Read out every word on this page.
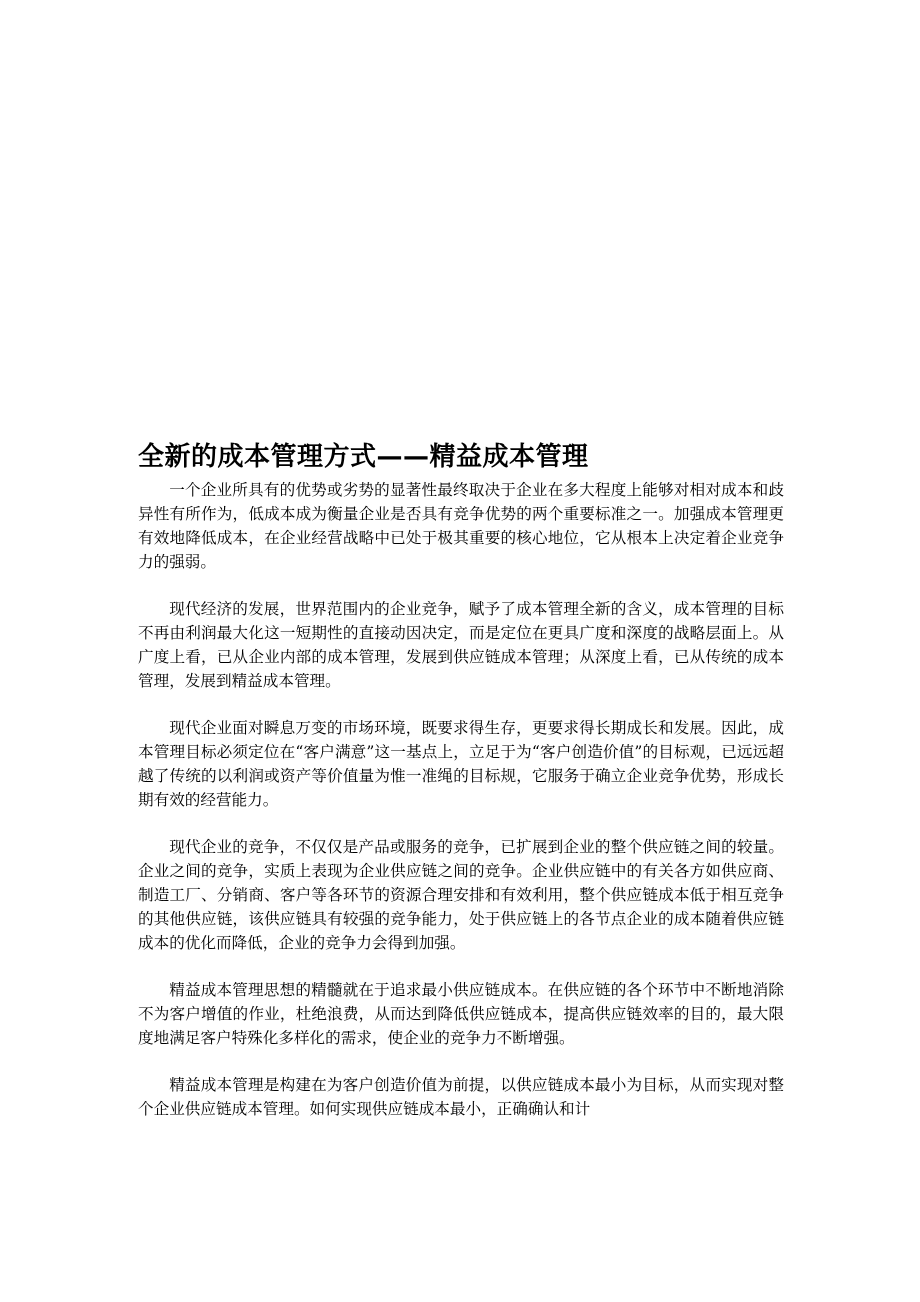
全新的成本管理方式——精益成本管理

一个企业所具有的优势或劣势的显著性最终取决于企业在多大程度上能够对相对成本和歧异性有所作为，低成本成为衡量企业是否具有竞争优势的两个重要标准之一。加强成本管理更有效地降低成本，在企业经营战略中已处于极其重要的核心地位，它从根本上决定着企业竞争力的强弱。

现代经济的发展，世界范围内的企业竞争，赋予了成本管理全新的含义，成本管理的目标不再由利润最大化这一短期性的直接动因决定，而是定位在更具广度和深度的战略层面上。从广度上看，已从企业内部的成本管理，发展到供应链成本管理；从深度上看，已从传统的成本管理，发展到精益成本管理。

现代企业面对瞬息万变的市场环境，既要求得生存，更要求得长期成长和发展。因此，成本管理目标必须定位在“客户满意”这一基点上，立足于为“客户创造价值”的目标观，已远远超越了传统的以利润或资产等价值量为惟一准绳的目标规，它服务于确立企业竞争优势，形成长期有效的经营能力。

现代企业的竞争，不仅仅是产品或服务的竞争，已扩展到企业的整个供应链之间的较量。企业之间的竞争，实质上表现为企业供应链之间的竞争。企业供应链中的有关各方如供应商、制造工厂、分销商、客户等各环节的资源合理安排和有效利用，整个供应链成本低于相互竞争的其他供应链，该供应链具有较强的竞争能力，处于供应链上的各节点企业的成本随着供应链成本的优化而降低，企业的竞争力会得到加强。

精益成本管理思想的精髓就在于追求最小供应链成本。在供应链的各个环节中不断地消除不为客户增值的作业，杜绝浪费，从而达到降低供应链成本，提高供应链效率的目的，最大限度地满足客户特殊化多样化的需求，使企业的竞争力不断增强。

精益成本管理是构建在为客户创造价值为前提，以供应链成本最小为目标，从而实现对整个企业供应链成本管理。如何实现供应链成本最小，正确确认和计
